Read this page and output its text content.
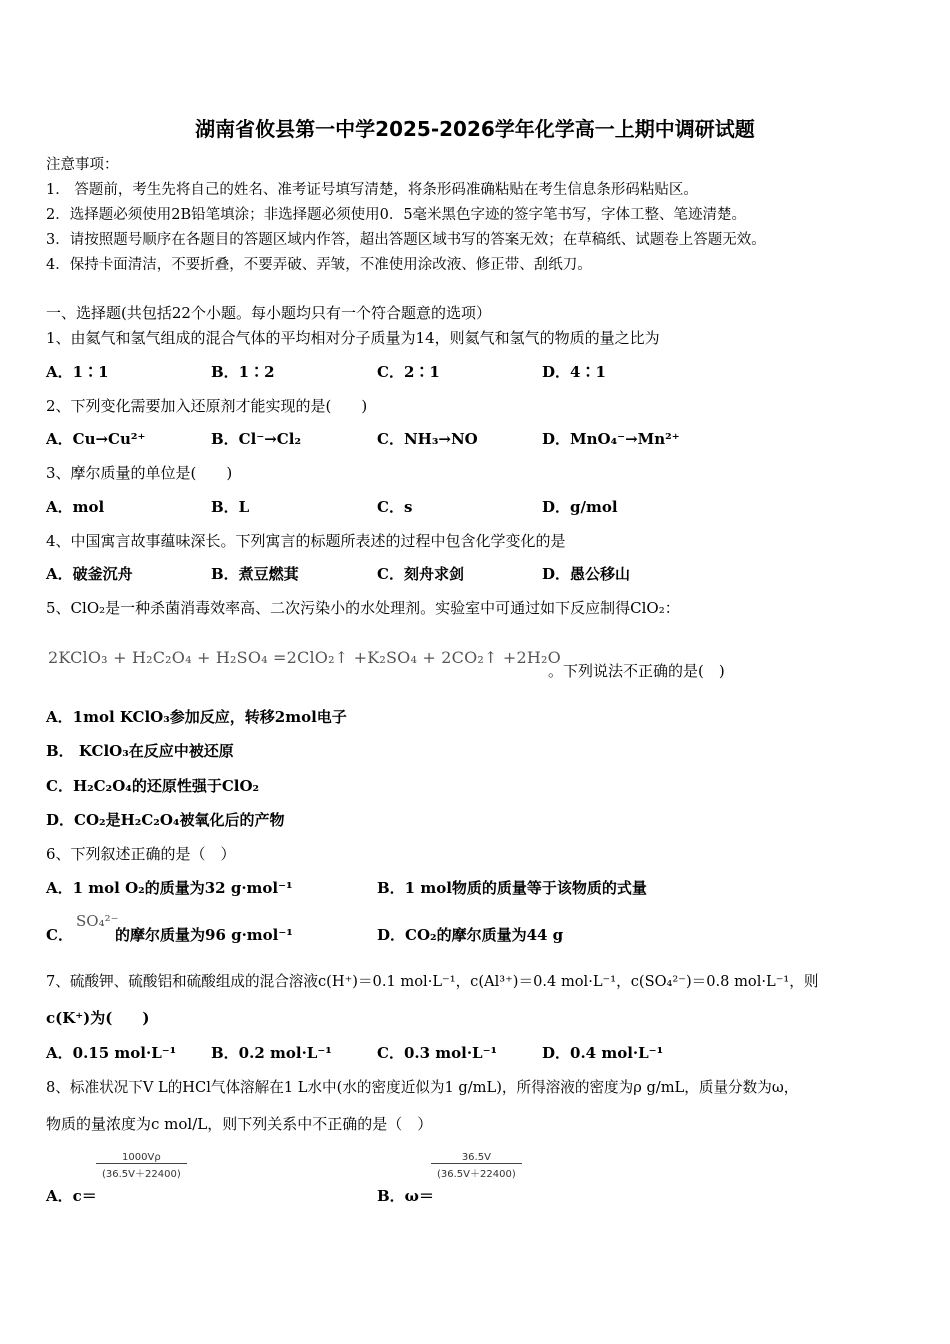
湖南省攸县第一中学2025-2026学年化学高一上期中调研试题
注意事项：
1． 答题前，考生先将自己的姓名、准考证号填写清楚，将条形码准确粘贴在考生信息条形码粘贴区。
2．选择题必须使用2B铅笔填涂；非选择题必须使用0．5毫米黑色字迹的签字笔书写，字体工整、笔迹清楚。
3．请按照题号顺序在各题目的答题区域内作答，超出答题区域书写的答案无效；在草稿纸、试题卷上答题无效。
4．保持卡面清洁，不要折叠，不要弄破、弄皱，不准使用涂改液、修正带、刮纸刀。
一、选择题(共包括22个小题。每小题均只有一个符合题意的选项）
1、由氦气和氢气组成的混合气体的平均相对分子质量为14，则氦气和氢气的物质的量之比为
A．1∶1	B．1∶2	C．2∶1	D．4∶1
2、下列变化需要加入还原剂才能实现的是(　　)
A．Cu→Cu²⁺	B．Cl⁻→Cl₂	C．NH₃→NO	D．MnO₄⁻→Mn²⁺
3、摩尔质量的单位是(　　)
A．mol	B．L	C．s	D．g/mol
4、中国寓言故事蕴味深长。下列寓言的标题所表述的过程中包含化学变化的是
A．破釜沉舟	B．煮豆燃萁	C．刻舟求剑	D．愚公移山
5、ClO₂是一种杀菌消毒效率高、二次污染小的水处理剂。实验室中可通过如下反应制得ClO₂：
2KClO₃ + H₂C₂O₄ + H₂SO₄ =2ClO₂↑ +K₂SO₄ + 2CO₂↑ +2H₂O
。下列说法不正确的是(　)
A．1mol KClO₃参加反应，转移2mol电子
B． KClO₃在反应中被还原
C．H₂C₂O₄的还原性强于ClO₂
D．CO₂是H₂C₂O₄被氧化后的产物
6、下列叙述正确的是（　）
A．1 mol O₂的质量为32 g·mol⁻¹	B．1 mol物质的质量等于该物质的式量
C．
SO₄²⁻
的摩尔质量为96 g·mol⁻¹	D．CO₂的摩尔质量为44 g
7、硫酸钾、硫酸铝和硫酸组成的混合溶液c(H⁺)＝0.1 mol·L⁻¹，c(Al³⁺)＝0.4 mol·L⁻¹，c(SO₄²⁻)＝0.8 mol·L⁻¹，则
c(K⁺)为(　　)
A．0.15 mol·L⁻¹ B．0.2 mol·L⁻¹	C．0.3 mol·L⁻¹	D．0.4 mol·L⁻¹
8、标准状况下V L的HCl气体溶解在1 L水中(水的密度近似为1 g/mL)，所得溶液的密度为ρ g/mL，质量分数为ω，
物质的量浓度为c mol/L，则下列关系中不正确的是（　）
$\frac{1000V\rho}{(36.5V+22400)}$
A．c＝
$\frac{36.5V}{(36.5V+22400)}$
B．ω＝
